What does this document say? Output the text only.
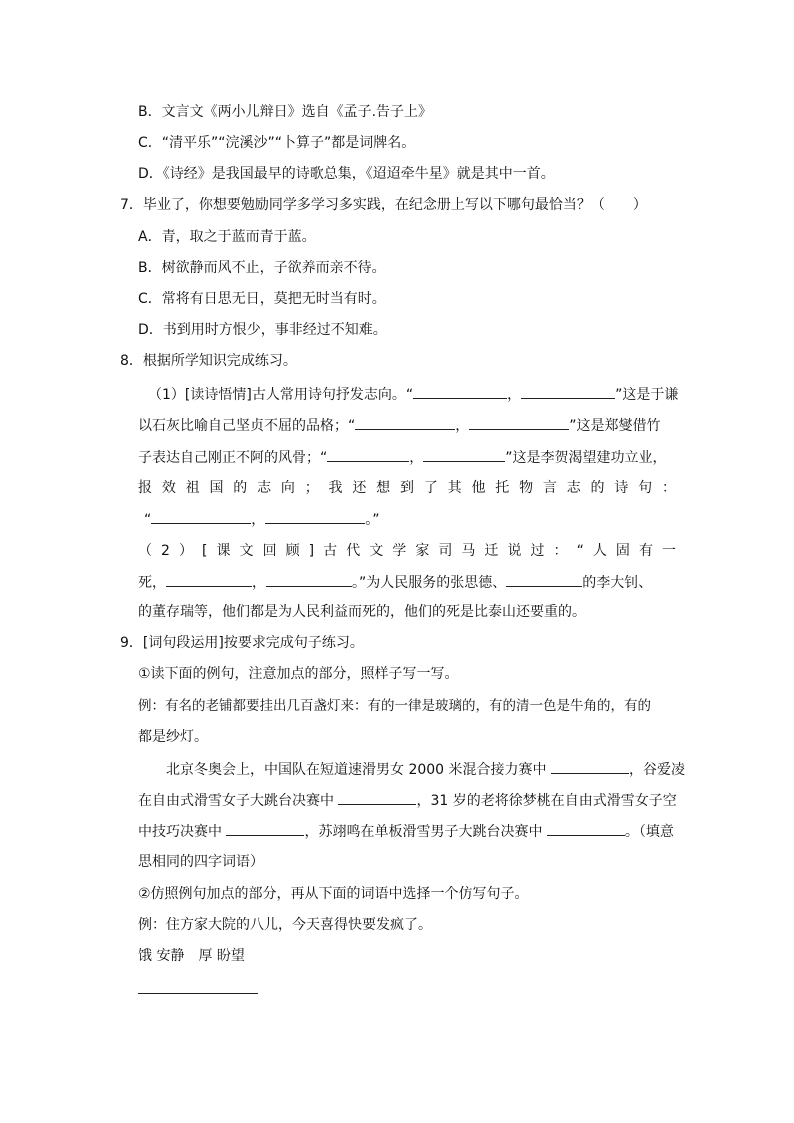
B．文言文《两小儿辩日》选自《孟子.告子上》
C．“清平乐”“浣溪沙”“卜算子”都是词牌名。
D．《诗经》是我国最早的诗歌总集，《迢迢牵牛星》就是其中一首。
7．毕业了，你想要勉励同学多学习多实践，在纪念册上写以下哪句最恰当？（　　）
A．青，取之于蓝而青于蓝。
B．树欲静而风不止，子欲养而亲不待。
C．常将有日思无日，莫把无时当有时。
D．书到用时方恨少，事非经过不知难。
8．根据所学知识完成练习。
（1）[读诗悟情]古人常用诗句抒发志向。“	，	”这是于谦
以石灰比喻自己坚贞不屈的品格；“	，	”这是郑燮借竹
子表达自己刚正不阿的风骨；“	，	”这是李贺渴望建功立业，
报效祖国的志向；我还想到了其他托物言志的诗句：
“	，	。”
（2）[课文回顾]古代文学家司马迁说过：“人固有一
死，	，	。”为人民服务的张思德、	的李大钊、
的董存瑞等，他们都是为人民利益而死的，他们的死是比泰山还要重的。
9．[词句段运用]按要求完成句子练习。
①读下面的例句，注意加点的部分，照样子写一写。
例：有名的老铺都要挂出几百盏灯来：有的一律是玻璃的，有的清一色是牛角的，有的
都是纱灯。
北京冬奥会上，中国队在短道速滑男女 2000 米混合接力赛中	，谷爱凌
在自由式滑雪女子大跳台决赛中	，31 岁的老将徐梦桃在自由式滑雪女子空
中技巧决赛中	，苏翊鸣在单板滑雪男子大跳台决赛中	。（填意
思相同的四字词语）
②仿照例句加点的部分，再从下面的词语中选择一个仿写句子。
例：住方家大院的八儿，今天喜得快要发疯了。
饿 安静　厚 盼望
